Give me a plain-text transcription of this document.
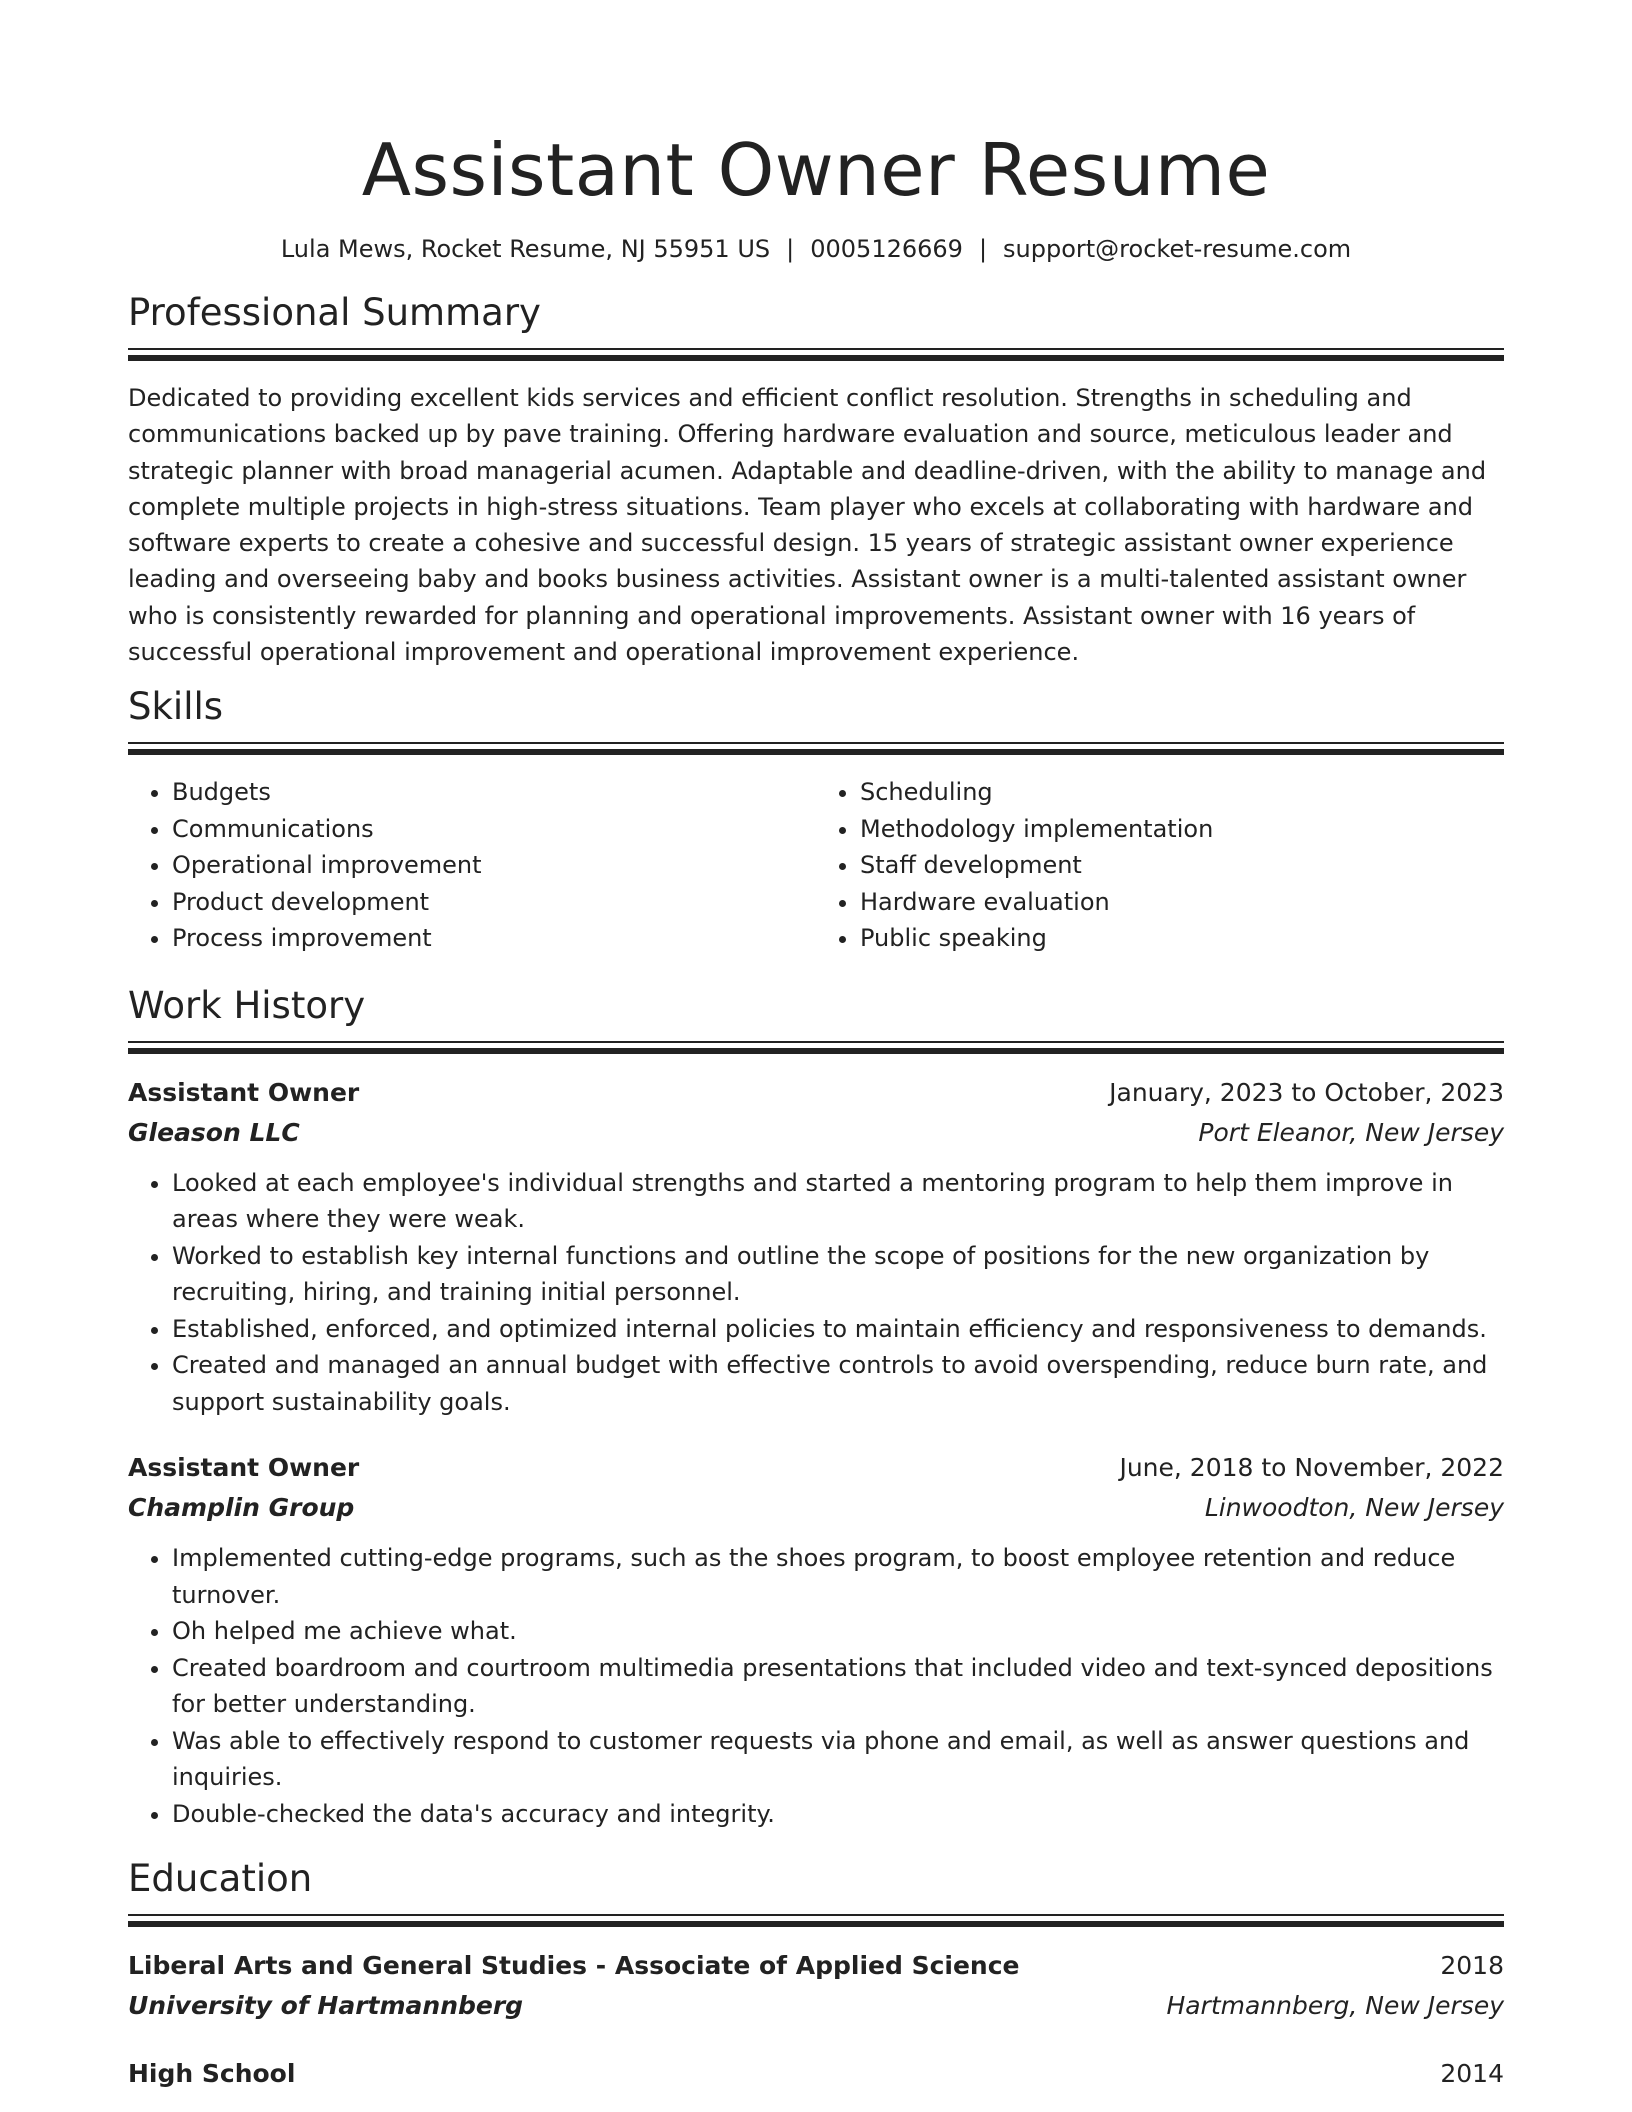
Assistant Owner Resume
Lula Mews, Rocket Resume, NJ 55951 US | 0005126669 | support@rocket-resume.com
Professional Summary

Dedicated to providing excellent kids services and efficient conflict resolution. Strengths in scheduling and communications backed up by pave training. Offering hardware evaluation and source, meticulous leader and strategic planner with broad managerial acumen. Adaptable and deadline-driven, with the ability to manage and complete multiple projects in high-stress situations. Team player who excels at collaborating with hardware and software experts to create a cohesive and successful design. 15 years of strategic assistant owner experience leading and overseeing baby and books business activities. Assistant owner is a multi-talented assistant owner who is consistently rewarded for planning and operational improvements. Assistant owner with 16 years of successful operational improvement and operational improvement experience.

Skills
• Budgets
• Communications
• Operational improvement
• Product development
• Process improvement
• Scheduling
• Methodology implementation
• Staff development
• Hardware evaluation
• Public speaking
Work History
Assistant Owner	January, 2023 to October, 2023
Gleason LLC	Port Eleanor, New Jersey
• Looked at each employee's individual strengths and started a mentoring program to help them improve in areas where they were weak.
• Worked to establish key internal functions and outline the scope of positions for the new organization by recruiting, hiring, and training initial personnel.
• Established, enforced, and optimized internal policies to maintain efficiency and responsiveness to demands.
• Created and managed an annual budget with effective controls to avoid overspending, reduce burn rate, and support sustainability goals.
Assistant Owner	June, 2018 to November, 2022
Champlin Group	Linwoodton, New Jersey
• Implemented cutting-edge programs, such as the shoes program, to boost employee retention and reduce turnover.
• Oh helped me achieve what.
• Created boardroom and courtroom multimedia presentations that included video and text-synced depositions for better understanding.
• Was able to effectively respond to customer requests via phone and email, as well as answer questions and inquiries.
• Double-checked the data's accuracy and integrity.
Education
Liberal Arts and General Studies - Associate of Applied Science	2018
University of Hartmannberg	Hartmannberg, New Jersey
High School	2014
